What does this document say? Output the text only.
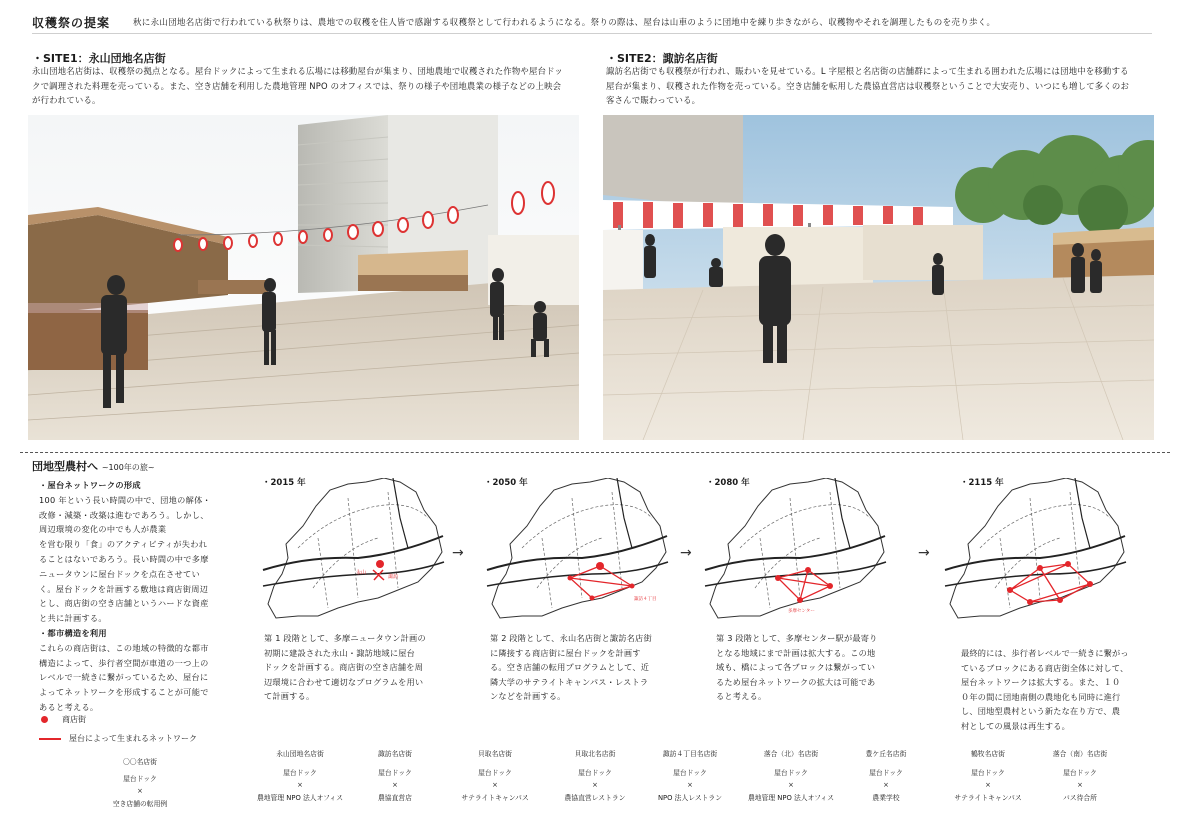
収穫祭の提案	秋に永山団地名店街で行われている秋祭りは、農地での収穫を住人皆で感謝する収穫祭として行われるようになる。祭りの際は、屋台は山車のように団地中を練り歩きながら、収穫物やそれを調理したものを売り歩く。
・SITE1：永山団地名店街
永山団地名店街は、収穫祭の拠点となる。屋台ドックによって生まれる広場には移動屋台が集まり、団地農地で収穫された作物や屋台ドッ
クで調理された料理を売っている。また、空き店舗を利用した農地管理 NPO のオフィスでは、祭りの様子や団地農業の様子などの上映会
が行われている。
・SITE2：諏訪名店街
諏訪名店街でも収穫祭が行われ、賑わいを見せている。L 字屋根と名店街の店舗群によって生まれる囲われた広場には団地中を移動する
屋台が集まり、収穫された作物を売っている。空き店舗を転用した農協直営店は収穫祭ということで大安売り、いつにも増して多くのお
客さんで賑わっている。
団地型農村へ ~100年の旅~
・屋台ネットワークの形成
100 年という長い時間の中で、団地の解体・
改修・減築・改築は進むであろう。しかし、
周辺環境の変化の中でも人が農業
を営む限り「食」のアクティビティが失われ
ることはないであろう。長い時間の中で多摩
ニュータウンに屋台ドックを点在させてい
く。屋台ドックを計画する敷地は商店街周辺
とし、商店街の空き店舗というハードな資産
と共に計画する。
・都市構造を利用
これらの商店街は、この地域の特徴的な都市
構造によって、歩行者空間が車道の一つ上の
レベルで一続きに繋がっているため、屋台に
よってネットワークを形成することが可能で
あると考える。
商店街
屋台によって生まれるネットワーク
〇〇名店街
屋台ドック
×
空き店舗の転用例
・2015 年	・2050 年	・2080 年	・2115 年
→	→	→
永山
諏訪
諏訪４丁目
多摩センター
第 1 段階として、多摩ニュータウン計画の
初期に建設された永山・諏訪地域に屋台
ドックを計画する。商店街の空き店舗を周
辺環境に合わせて適切なプログラムを用い
て計画する。
第 2 段階として、永山名店街と諏訪名店街
に隣接する商店街に屋台ドックを計画す
る。空き店舗の転用プログラムとして、近
隣大学のサテライトキャンパス・レストラ
ンなどを計画する。
第 3 段階として、多摩センター駅が最寄り
となる地域にまで計画は拡大する。この地
域も、橋によって各ブロックは繋がってい
るため屋台ネットワークの拡大は可能であ
ると考える。
最終的には、歩行者レベルで一続きに繋がっ
ているブロックにある商店街全体に対して、
屋台ネットワークは拡大する。また、１０
０年の間に団地南側の農地化も同時に進行
し、団地型農村という新たな在り方で、農
村としての風景は再生する。
永山団地名店街
屋台ドック
×
農地管理 NPO 法人オフィス
諏訪名店街
屋台ドック
×
農協直営店
貝取名店街
屋台ドック
×
サテライトキャンパス
貝取北名店街
屋台ドック
×
農協直営レストラン
諏訪４丁目名店街
屋台ドック
×
NPO 法人レストラン
落合（北）名店街
屋台ドック
×
農地管理 NPO 法人オフィス
豊ケ丘名店街
屋台ドック
×
農業学校
鶴牧名店街
屋台ドック
×
サテライトキャンパス
落合（南）名店街
屋台ドック
×
バス待合所
